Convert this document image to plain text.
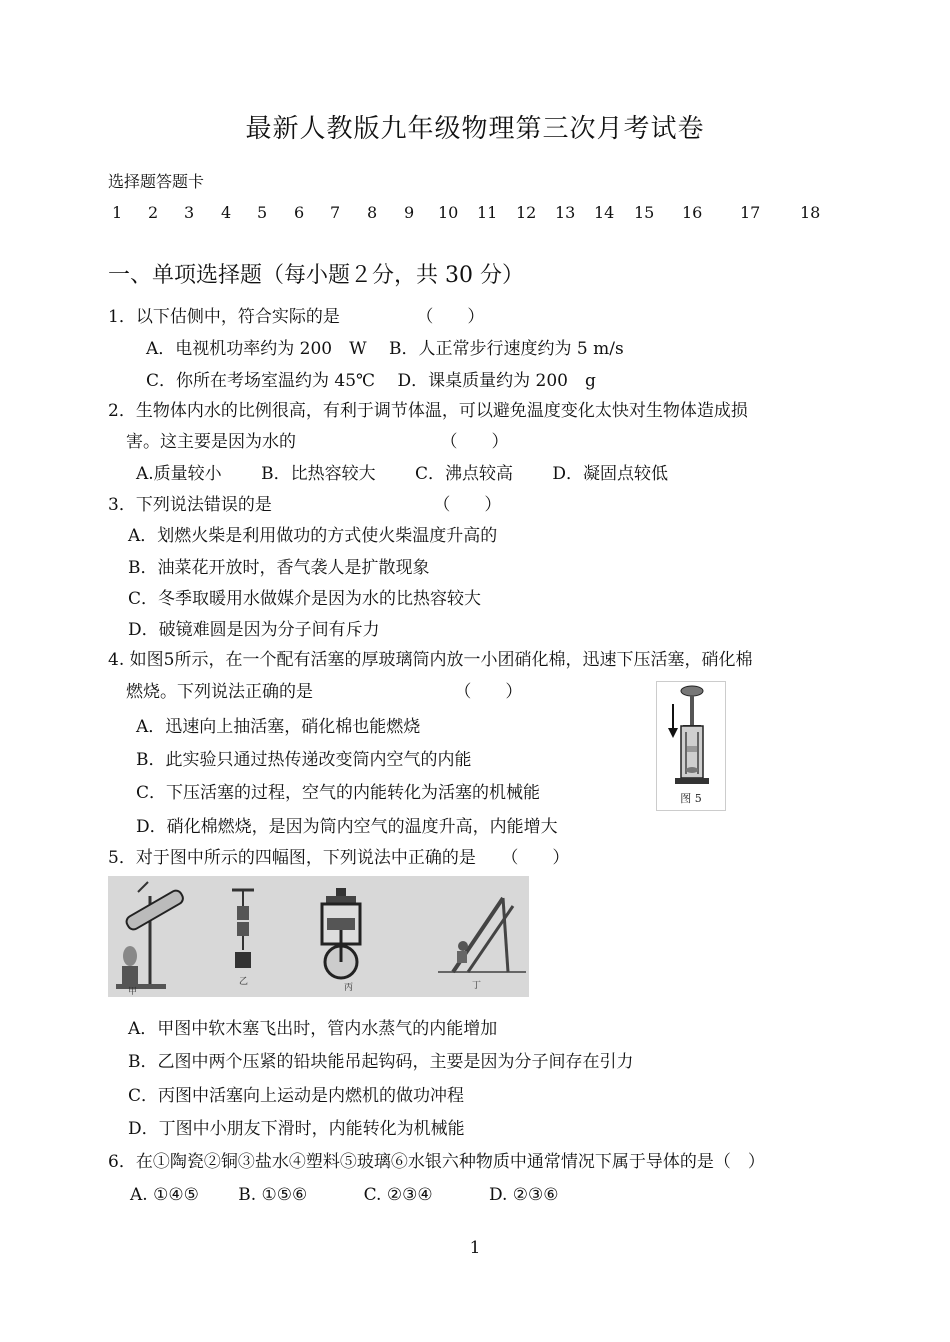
最新人教版九年级物理第三次月考试卷
选择题答题卡
1 2 3 4 5 6 7 8 9 10 11 12 13 14 15 16 17 18
一、单项选择题（每小题２分，共 30 分）
1．以下估侧中，符合实际的是　　　　　（　　）
A．电视机功率约为 200　W　 B．人正常步行速度约为 5 m/s
C．你所在考场室温约为 45℃　 D．课桌质量约为 200　g
2．生物体内水的比例很高，有利于调节体温，可以避免温度变化太快对生物体造成损
害。这主要是因为水的　　　　　　　　　（　　）
A.质量较小　　 B．比热容较大　　 C．沸点较高　　 D．凝固点较低
3．下列说法错误的是　　　　　　　　　　（　　）
A．划燃火柴是利用做功的方式使火柴温度升高的
B．油菜花开放时，香气袭人是扩散现象
C．冬季取暖用水做媒介是因为水的比热容较大
D．破镜难圆是因为分子间有斥力
4. 如图5所示，在一个配有活塞的厚玻璃筒内放一小团硝化棉，迅速下压活塞，硝化棉
燃烧。下列说法正确的是　　　　　　　　 （　　）
A．迅速向上抽活塞，硝化棉也能燃烧
B．此实验只通过热传递改变筒内空气的内能
C．下压活塞的过程，空气的内能转化为活塞的机械能
D．硝化棉燃烧，是因为筒内空气的温度升高，内能增大
图 5
5．对于图中所示的四幅图，下列说法中正确的是　　（　　）
甲
乙
丙	丁
A．甲图中软木塞飞出时，管内水蒸气的内能增加
B．乙图中两个压紧的铅块能吊起钩码，主要是因为分子间存在引力
C．丙图中活塞向上运动是内燃机的做功冲程
D．丁图中小朋友下滑时，内能转化为机械能
6．在①陶瓷②铜③盐水④塑料⑤玻璃⑥水银六种物质中通常情况下属于导体的是（　）
A. ①④⑤　　 B. ①⑤⑥　　　 C. ②③④　　　 D. ②③⑥
1
